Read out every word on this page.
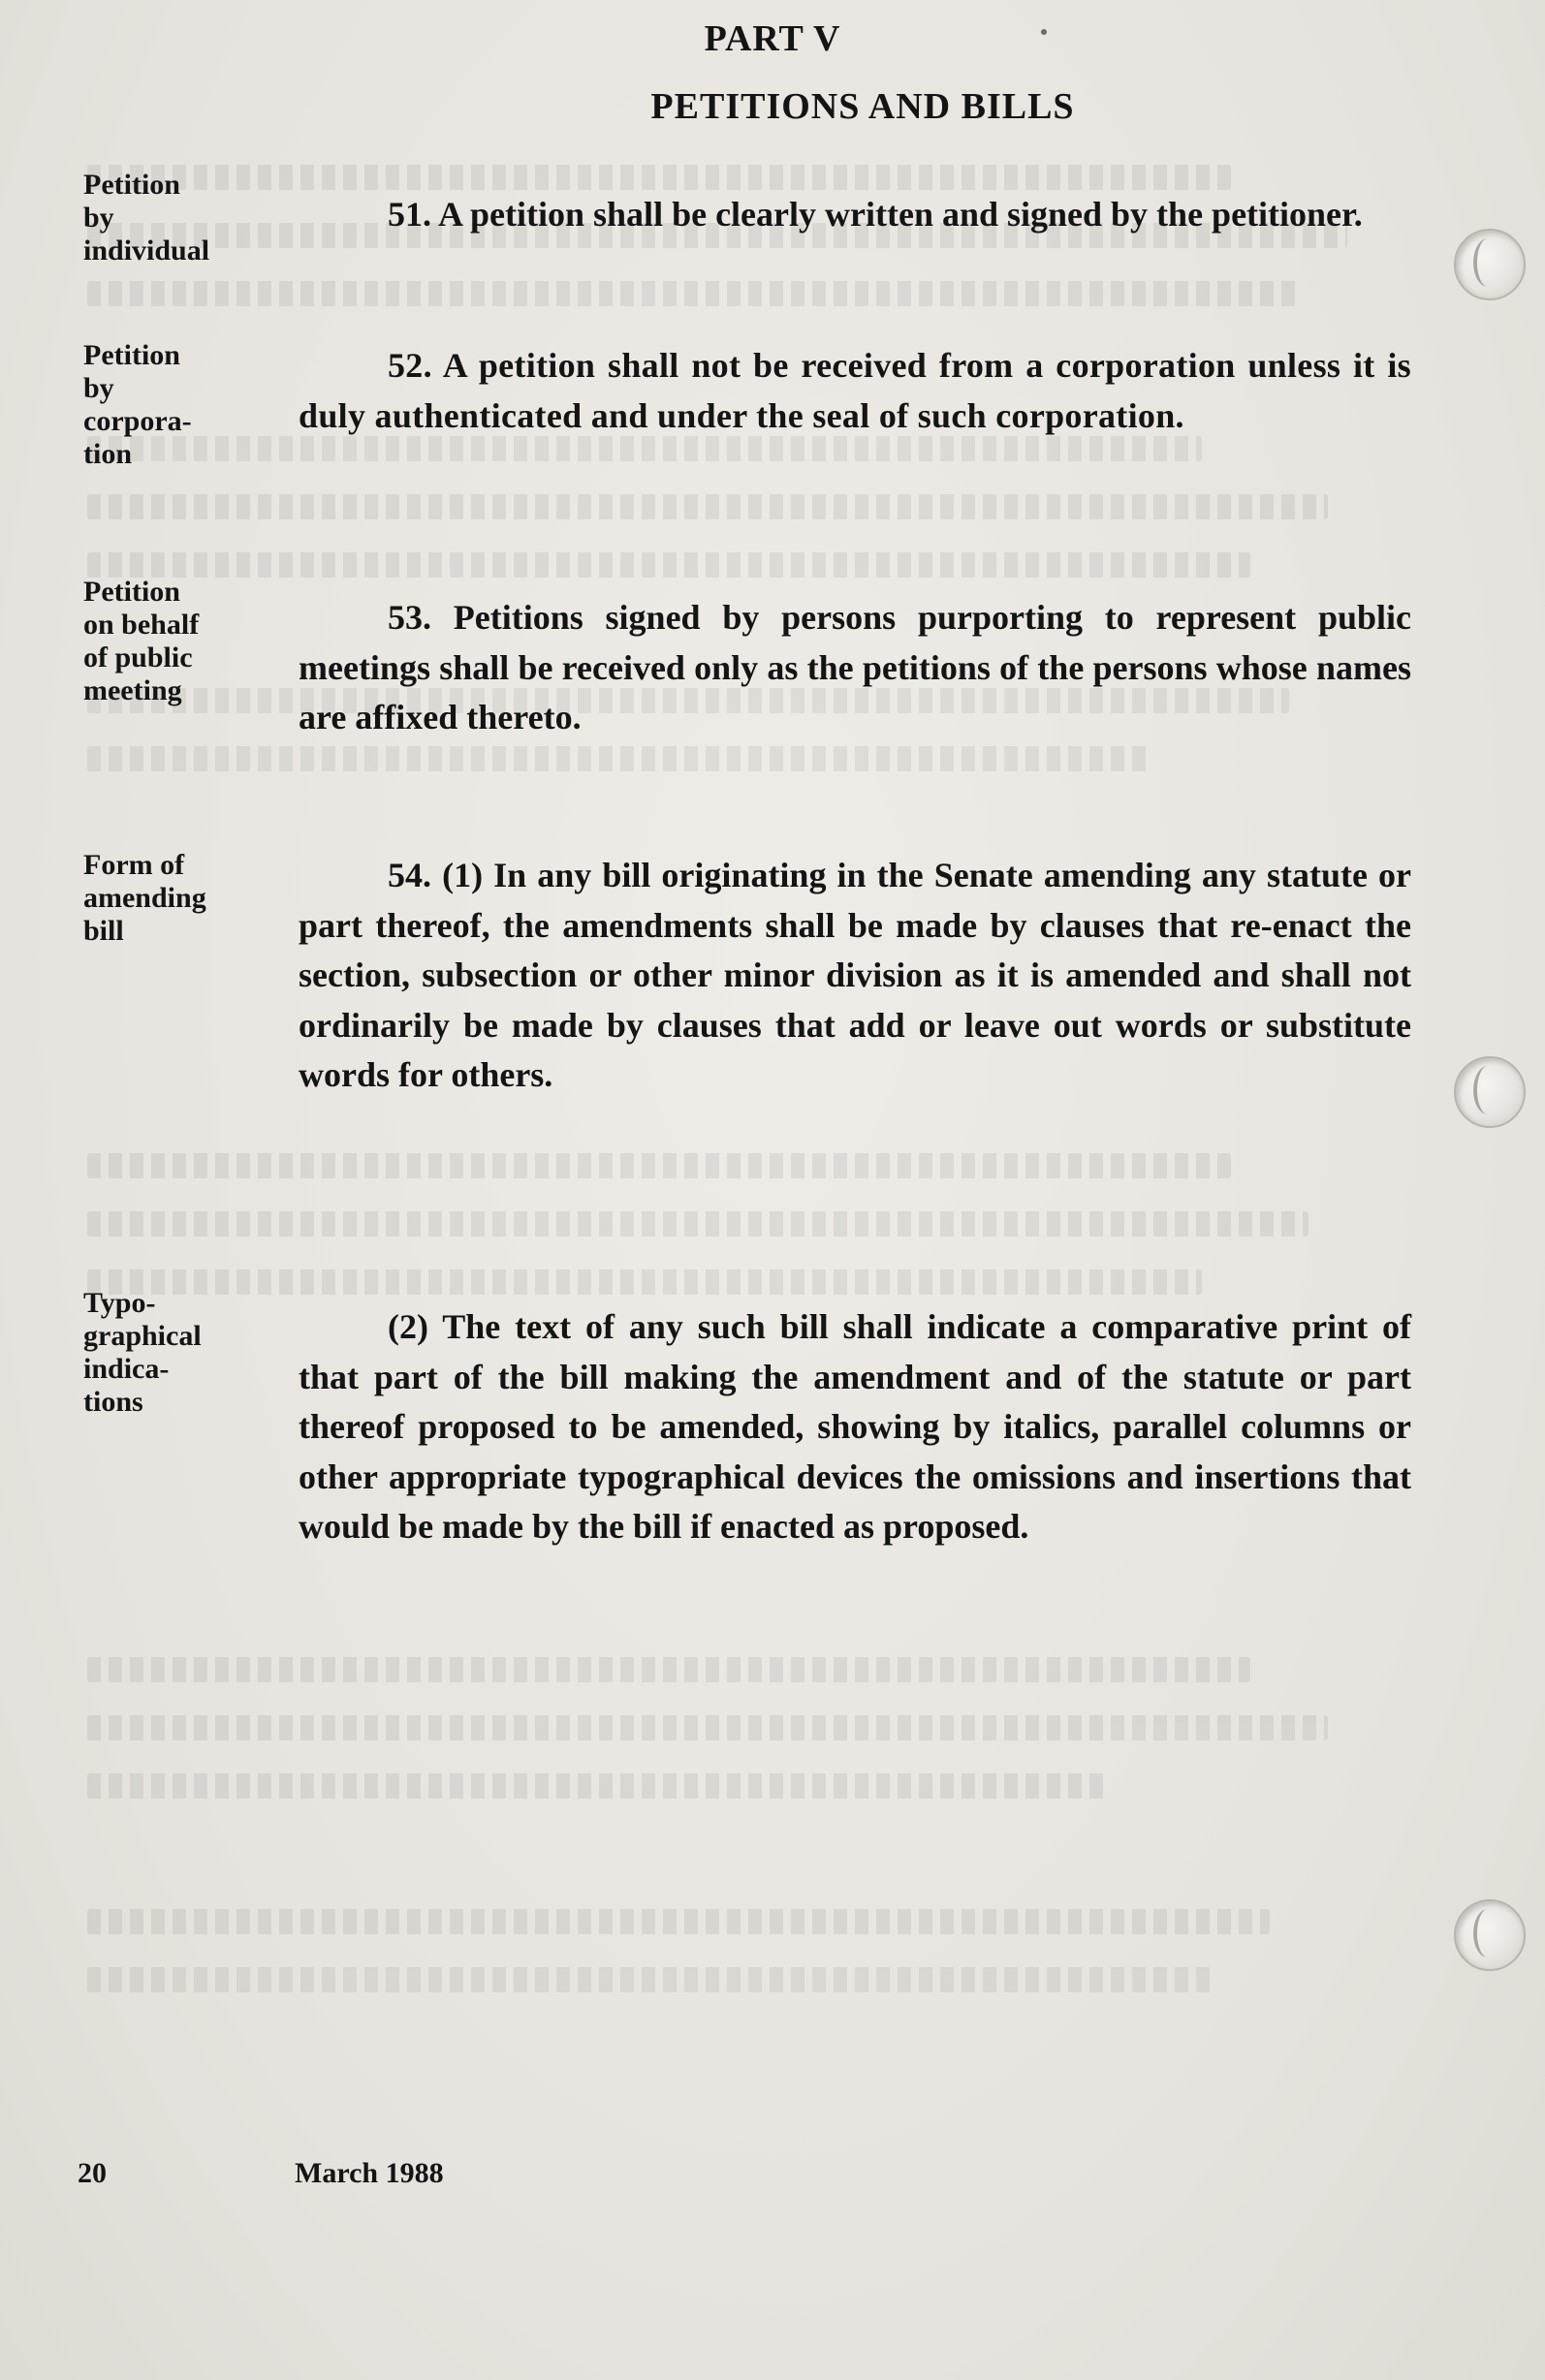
PART V
PETITIONS AND BILLS
Petition
by
individual
51. A petition shall be clearly written and signed by the petitioner.
Petition
by
corpora-
tion
52. A petition shall not be received from a corporation unless it is duly authenticated and under the seal of such corporation.
Petition
on behalf
of public
meeting
53. Petitions signed by persons purporting to represent public meetings shall be received only as the petitions of the persons whose names are affixed thereto.
Form of
amending
bill
54. (1) In any bill originating in the Senate amending any statute or part thereof, the amendments shall be made by clauses that re-enact the section, subsection or other minor division as it is amended and shall not ordinarily be made by clauses that add or leave out words or substitute words for others.
Typo-
graphical
indica-
tions
(2) The text of any such bill shall indicate a comparative print of that part of the bill making the amendment and of the statute or part thereof proposed to be amended, showing by italics, parallel columns or other appropriate typographical devices the omissions and insertions that would be made by the bill if enacted as proposed.
20	March 1988
